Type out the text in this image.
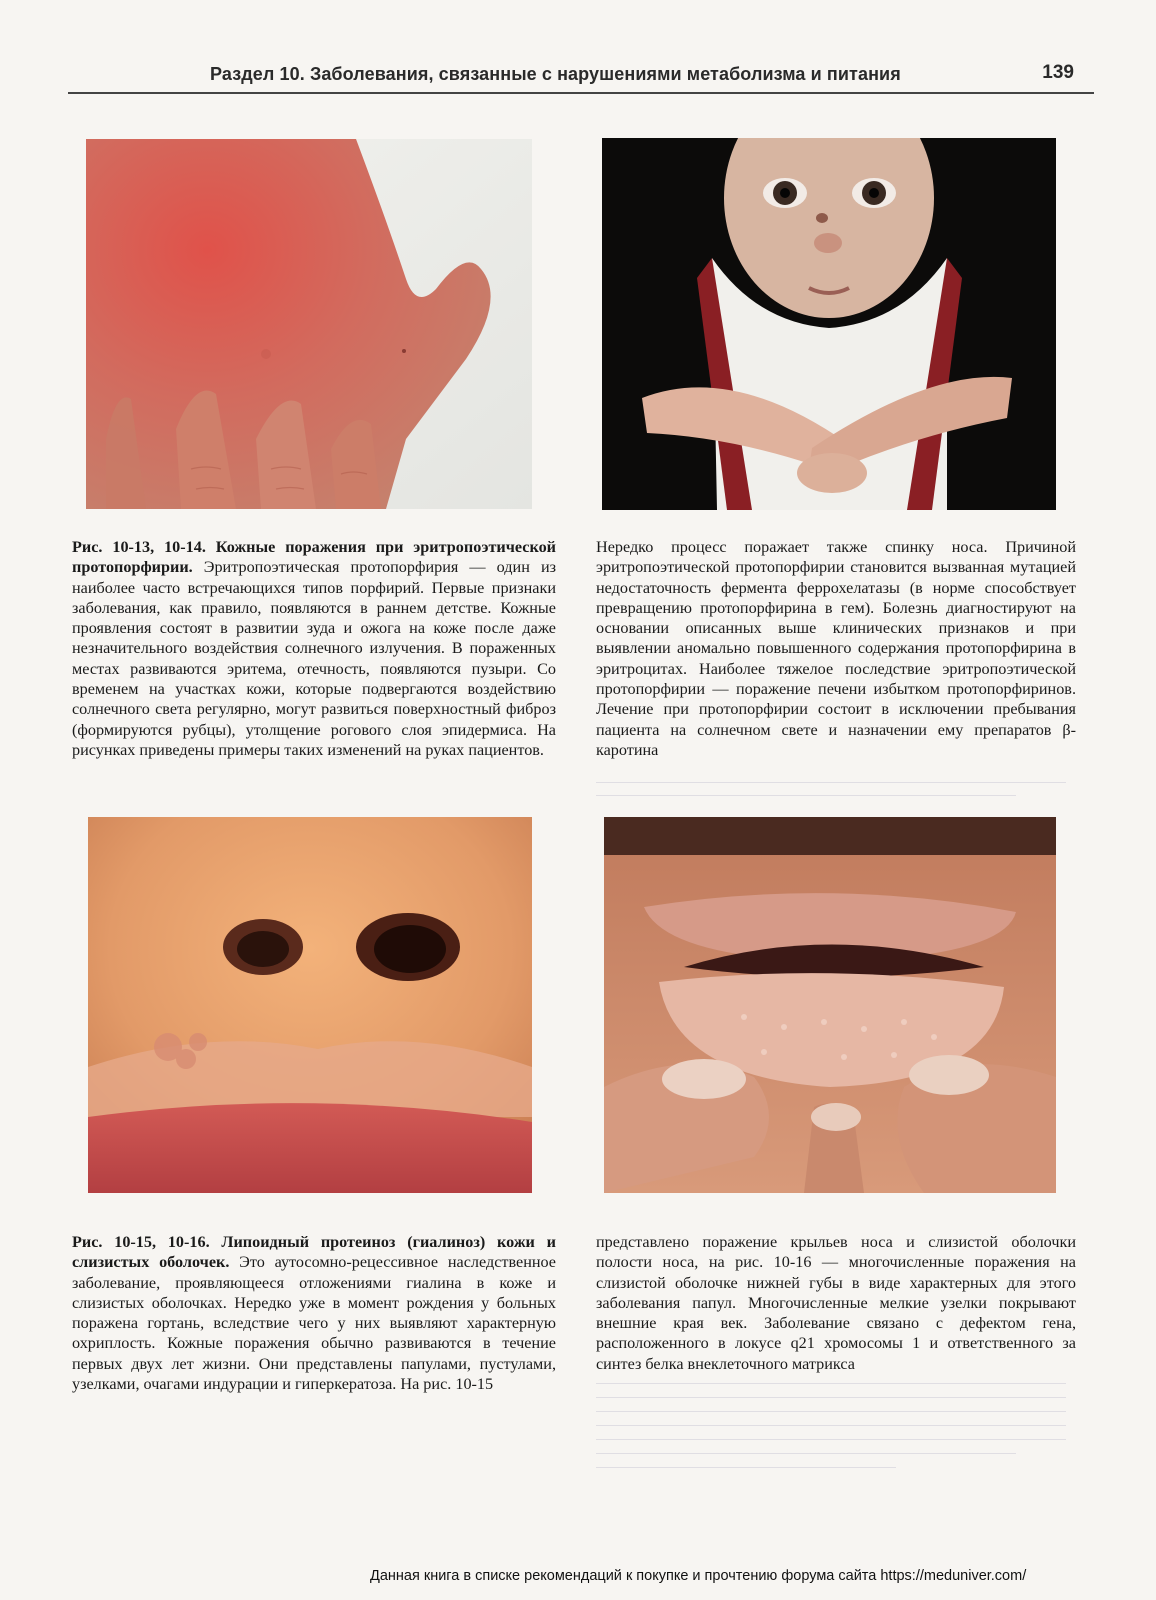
Раздел 10. Заболевания, связанные с нарушениями метаболизма и питания	139

Рис. 10-13, 10-14. Кожные поражения при эритропоэтической протопорфирии. Эритропоэтическая протопорфирия — один из наиболее часто встречающихся типов порфирий. Первые признаки заболевания, как правило, появляются в раннем детстве. Кожные проявления состоят в развитии зуда и ожога на коже после даже незначительного воздействия солнечного излучения. В пораженных местах развиваются эритема, отечность, появляются пузыри. Со временем на участках кожи, которые подвергаются воздействию солнечного света регулярно, могут развиться поверхностный фиброз (формируются рубцы), утолщение рогового слоя эпидермиса. На рисунках приведены примеры таких изменений на руках пациентов.

Нередко процесс поражает также спинку носа. Причиной эритропоэтической протопорфирии становится вызванная мутацией недостаточность фермента феррохелатазы (в норме способствует превращению протопорфирина в гем). Болезнь диагностируют на основании описанных выше клинических признаков и при выявлении аномально повышенного содержания протопорфирина в эритроцитах. Наиболее тяжелое последствие эритропоэтической протопорфирии — поражение печени избытком протопорфиринов. Лечение при протопорфирии состоит в исключении пребывания пациента на солнечном свете и назначении ему препаратов β-каротина

Рис. 10-15, 10-16. Липоидный протеиноз (гиалиноз) кожи и слизистых оболочек. Это аутосомно-рецессивное наследственное заболевание, проявляющееся отложениями гиалина в коже и слизистых оболочках. Нередко уже в момент рождения у больных поражена гортань, вследствие чего у них выявляют характерную охриплость. Кожные поражения обычно развиваются в течение первых двух лет жизни. Они представлены папулами, пустулами, узелками, очагами индурации и гиперкератоза. На рис. 10-15

представлено поражение крыльев носа и слизистой оболочки полости носа, на рис. 10-16 — многочисленные поражения на слизистой оболочке нижней губы в виде характерных для этого заболевания папул. Многочисленные мелкие узелки покрывают внешние края век. Заболевание связано с дефектом гена, расположенного в локусе q21 хромосомы 1 и ответственного за синтез белка внеклеточного матрикса

Данная книга в списке рекомендаций к покупке и прочтению форума сайта https://meduniver.com/
